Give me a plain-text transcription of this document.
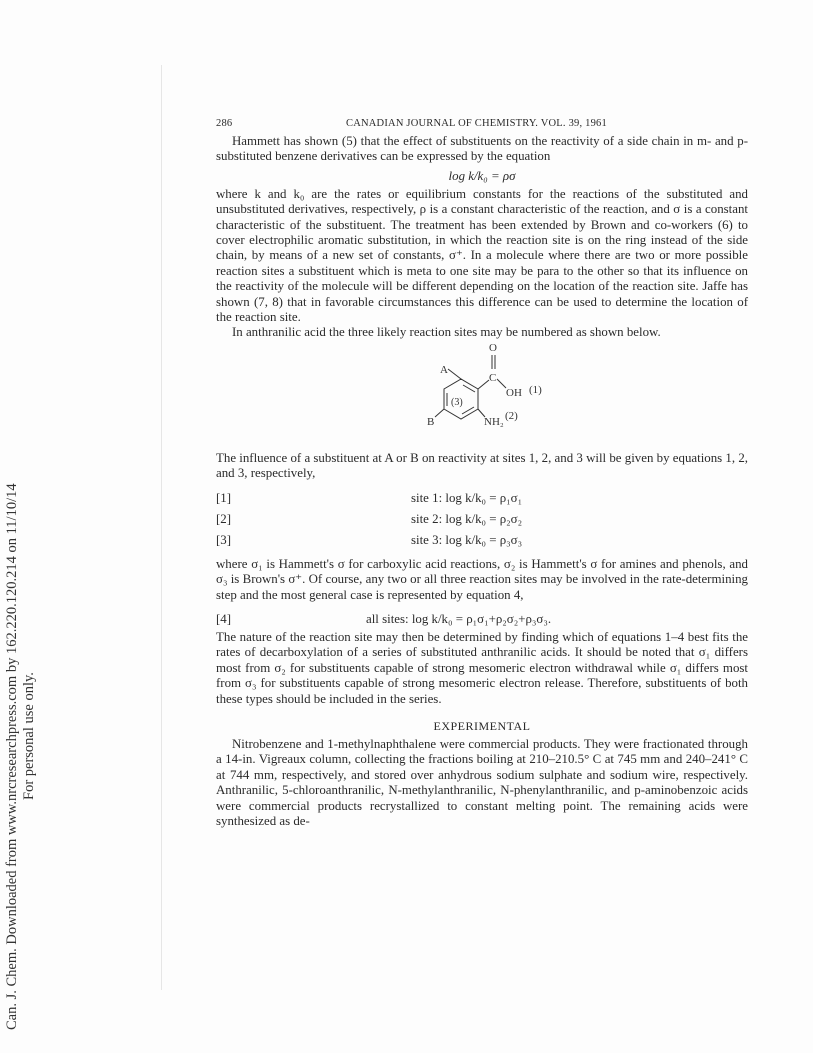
Can. J. Chem. Downloaded from www.nrcresearchpress.com by 162.220.120.214 on 11/10/14 For personal use only.
286	CANADIAN JOURNAL OF CHEMISTRY. VOL. 39, 1961

Hammett has shown (5) that the effect of substituents on the reactivity of a side chain in m- and p-substituted benzene derivatives can be expressed by the equation

log k/k₀ = ρσ

where k and k₀ are the rates or equilibrium constants for the reactions of the substituted and unsubstituted derivatives, respectively, ρ is a constant characteristic of the reaction, and σ is a constant characteristic of the substituent. The treatment has been extended by Brown and co-workers (6) to cover electrophilic aromatic substitution, in which the reaction site is on the ring instead of the side chain, by means of a new set of constants, σ⁺. In a molecule where there are two or more possible reaction sites a substituent which is meta to one site may be para to the other so that its influence on the reactivity of the molecule will be different depending on the location of the reaction site. Jaffe has shown (7, 8) that in favorable circumstances this difference can be used to determine the location of the reaction site.

In anthranilic acid the three likely reaction sites may be numbered as shown below.

O
C
OH (1)
A
(3)
B	NH₂ (2)

The influence of a substituent at A or B on reactivity at sites 1, 2, and 3 will be given by equations 1, 2, and 3, respectively,

[1]	site 1: log k/k₀ = ρ₁σ₁
[2]	site 2: log k/k₀ = ρ₂σ₂
[3]	site 3: log k/k₀ = ρ₃σ₃

where σ₁ is Hammett's σ for carboxylic acid reactions, σ₂ is Hammett's σ for amines and phenols, and σ₃ is Brown's σ⁺. Of course, any two or all three reaction sites may be involved in the rate-determining step and the most general case is represented by equation 4,

[4]	all sites: log k/k₀ = ρ₁σ₁+ρ₂σ₂+ρ₃σ₃.

The nature of the reaction site may then be determined by finding which of equations 1–4 best fits the rates of decarboxylation of a series of substituted anthranilic acids. It should be noted that σ₁ differs most from σ₂ for substituents capable of strong mesomeric electron withdrawal while σ₁ differs most from σ₃ for substituents capable of strong mesomeric electron release. Therefore, substituents of both these types should be included in the series.

EXPERIMENTAL

Nitrobenzene and 1-methylnaphthalene were commercial products. They were fractionated through a 14-in. Vigreaux column, collecting the fractions boiling at 210–210.5° C at 745 mm and 240–241° C at 744 mm, respectively, and stored over anhydrous sodium sulphate and sodium wire, respectively. Anthranilic, 5-chloroanthranilic, N-methylanthranilic, N-phenylanthranilic, and p-aminobenzoic acids were commercial products recrystallized to constant melting point. The remaining acids were synthesized as de-
